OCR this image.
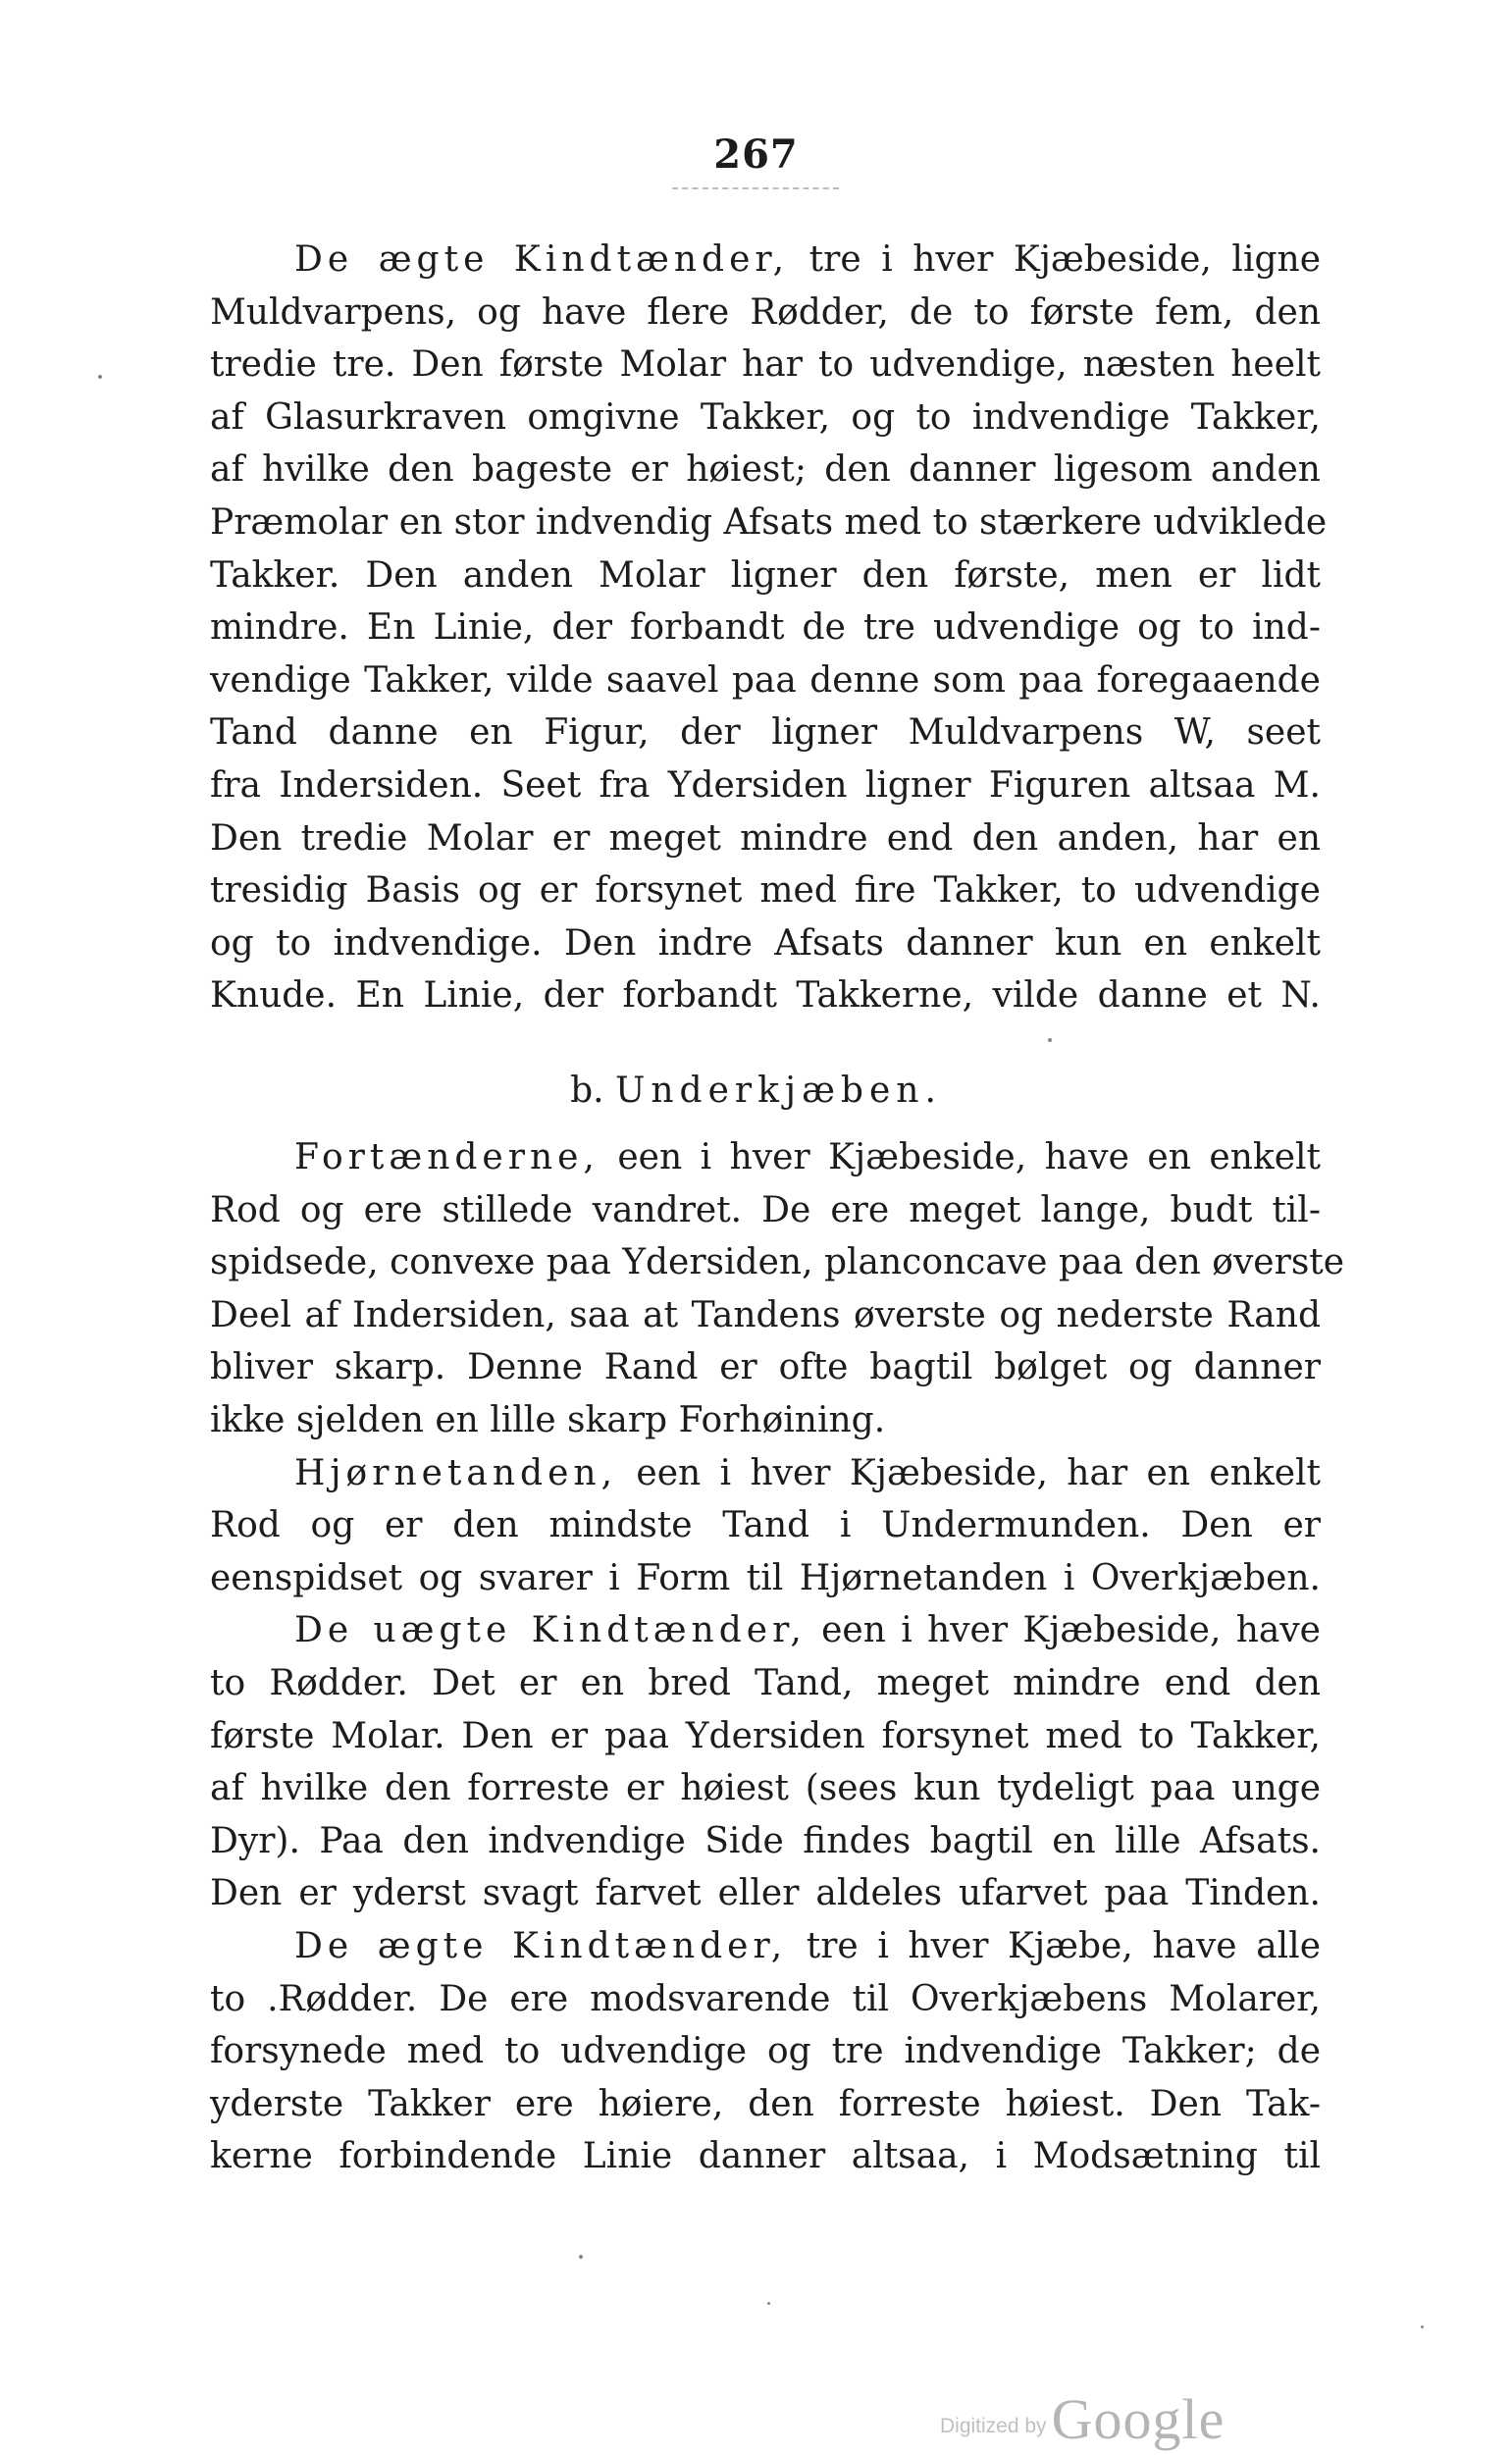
267
De ægte Kindtænder, tre i hver Kjæbeside, ligne
Muldvarpens, og have flere Rødder, de to første fem, den
tredie tre. Den første Molar har to udvendige, næsten heelt
af Glasurkraven omgivne Takker, og to indvendige Takker,
af hvilke den bageste er høiest; den danner ligesom anden
Præmolar en stor indvendig Afsats med to stærkere udviklede
Takker. Den anden Molar ligner den første, men er lidt
mindre. En Linie, der forbandt de tre udvendige og to ind-
vendige Takker, vilde saavel paa denne som paa foregaaende
Tand danne en Figur, der ligner Muldvarpens W, seet
fra Indersiden. Seet fra Ydersiden ligner Figuren altsaa M.
Den tredie Molar er meget mindre end den anden, har en
tresidig Basis og er forsynet med fire Takker, to udvendige
og to indvendige. Den indre Afsats danner kun en enkelt
Knude. En Linie, der forbandt Takkerne, vilde danne et N.
b. Underkjæben.
Fortænderne, een i hver Kjæbeside, have en enkelt
Rod og ere stillede vandret. De ere meget lange, budt til-
spidsede, convexe paa Ydersiden, planconcave paa den øverste
Deel af Indersiden, saa at Tandens øverste og nederste Rand
bliver skarp. Denne Rand er ofte bagtil bølget og danner
ikke sjelden en lille skarp Forhøining.
Hjørnetanden, een i hver Kjæbeside, har en enkelt
Rod og er den mindste Tand i Undermunden. Den er
eenspidset og svarer i Form til Hjørnetanden i Overkjæben.
De uægte Kindtænder, een i hver Kjæbeside, have
to Rødder. Det er en bred Tand, meget mindre end den
første Molar. Den er paa Ydersiden forsynet med to Takker,
af hvilke den forreste er høiest (sees kun tydeligt paa unge
Dyr). Paa den indvendige Side findes bagtil en lille Afsats.
Den er yderst svagt farvet eller aldeles ufarvet paa Tinden.
De ægte Kindtænder, tre i hver Kjæbe, have alle
to .Rødder. De ere modsvarende til Overkjæbens Molarer,
forsynede med to udvendige og tre indvendige Takker; de
yderste Takker ere høiere, den forreste høiest. Den Tak-
kerne forbindende Linie danner altsaa, i Modsætning til
Digitized by Google
